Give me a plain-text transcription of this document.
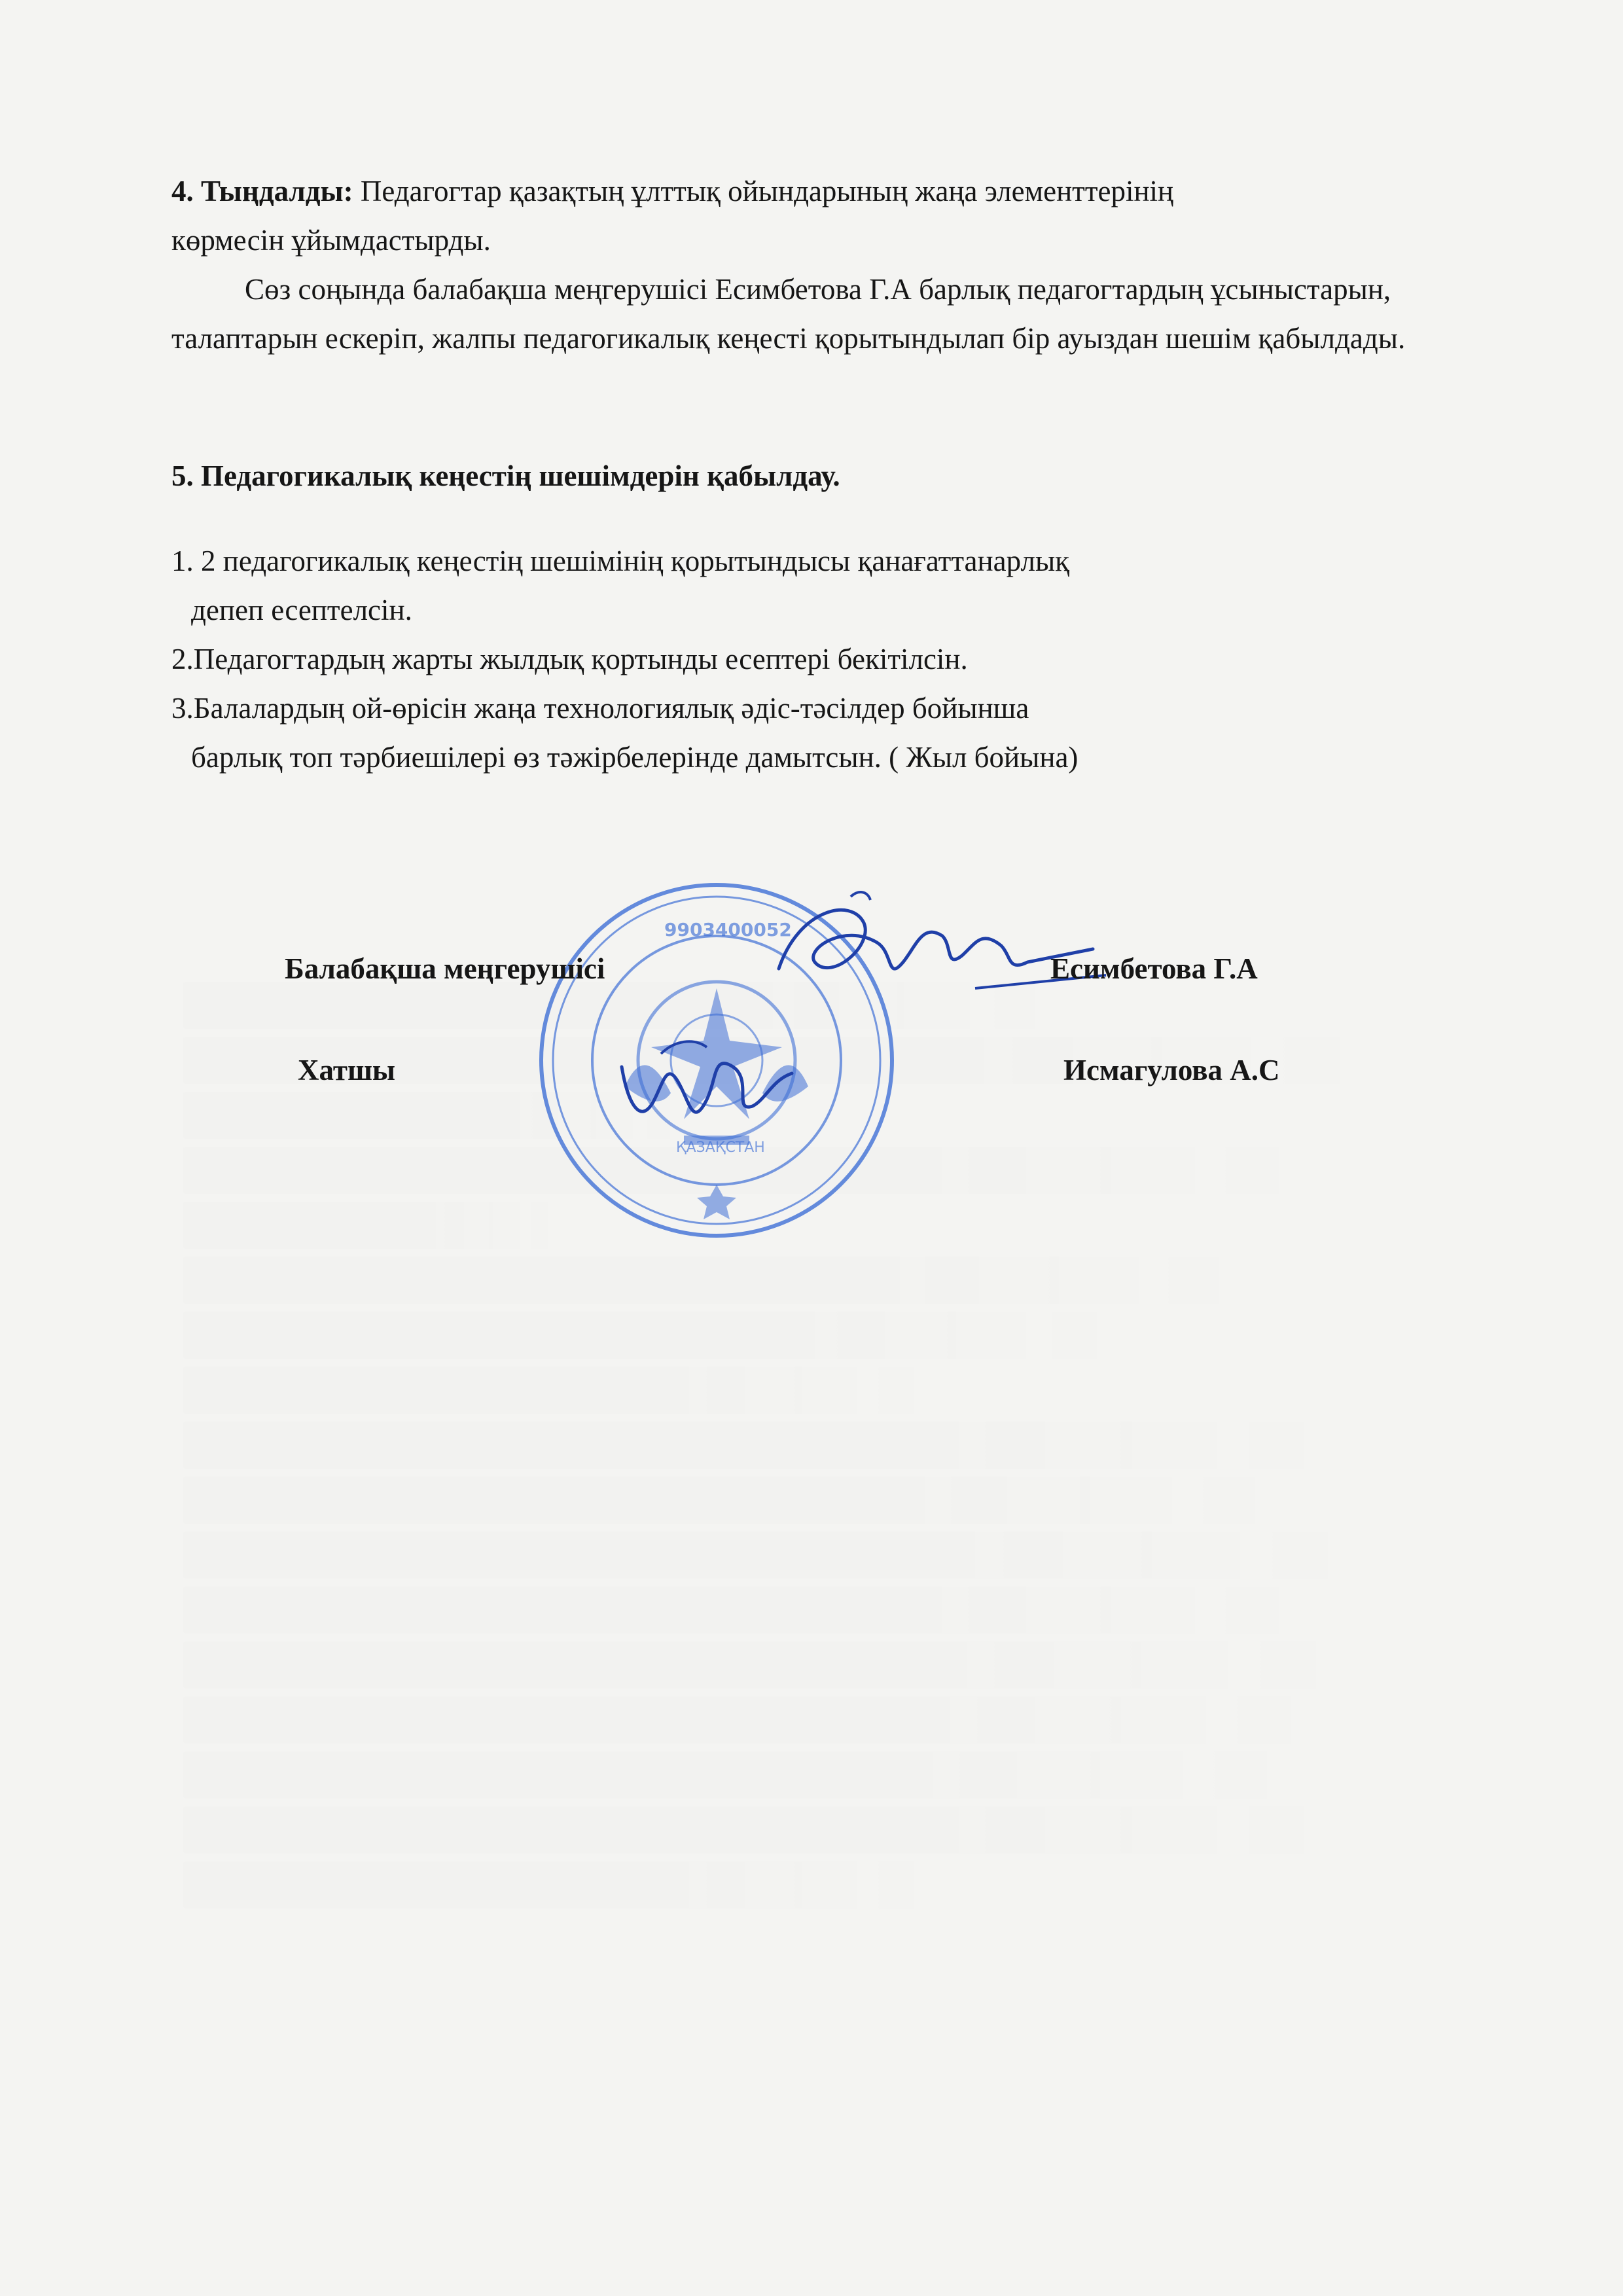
4. Тыңдалды: Педагогтар қазақтың ұлттық ойындарының жаңа элементтерінің
көрмесін ұйымдастырды.
Сөз соңында балабақша меңгерушісі Есимбетова Г.А барлық педагогтардың ұсыныстарын, талаптарын ескеріп, жалпы педагогикалық кеңесті қорытындылап бір ауыздан шешім қабылдады.
5. Педагогикалық кеңестің шешімдерін қабылдау.
1. 2 педагогикалық кеңестің шешімінің қорытындысы қанағаттанарлық
депеп есептелсін.
2.Педагогтардың жарты жылдық қортынды есептері бекітілсін.
3.Балалардың ой-өрісін жаңа технологиялық әдіс-тәсілдер бойынша
барлық топ тәрбиешілері өз тәжірбелерінде дамытсын. ( Жыл бойына)
9903400052
ҚАЗАҚСТАН
Балабақша меңгерушісі	Есимбетова Г.А
Хатшы	Исмагулова А.С
